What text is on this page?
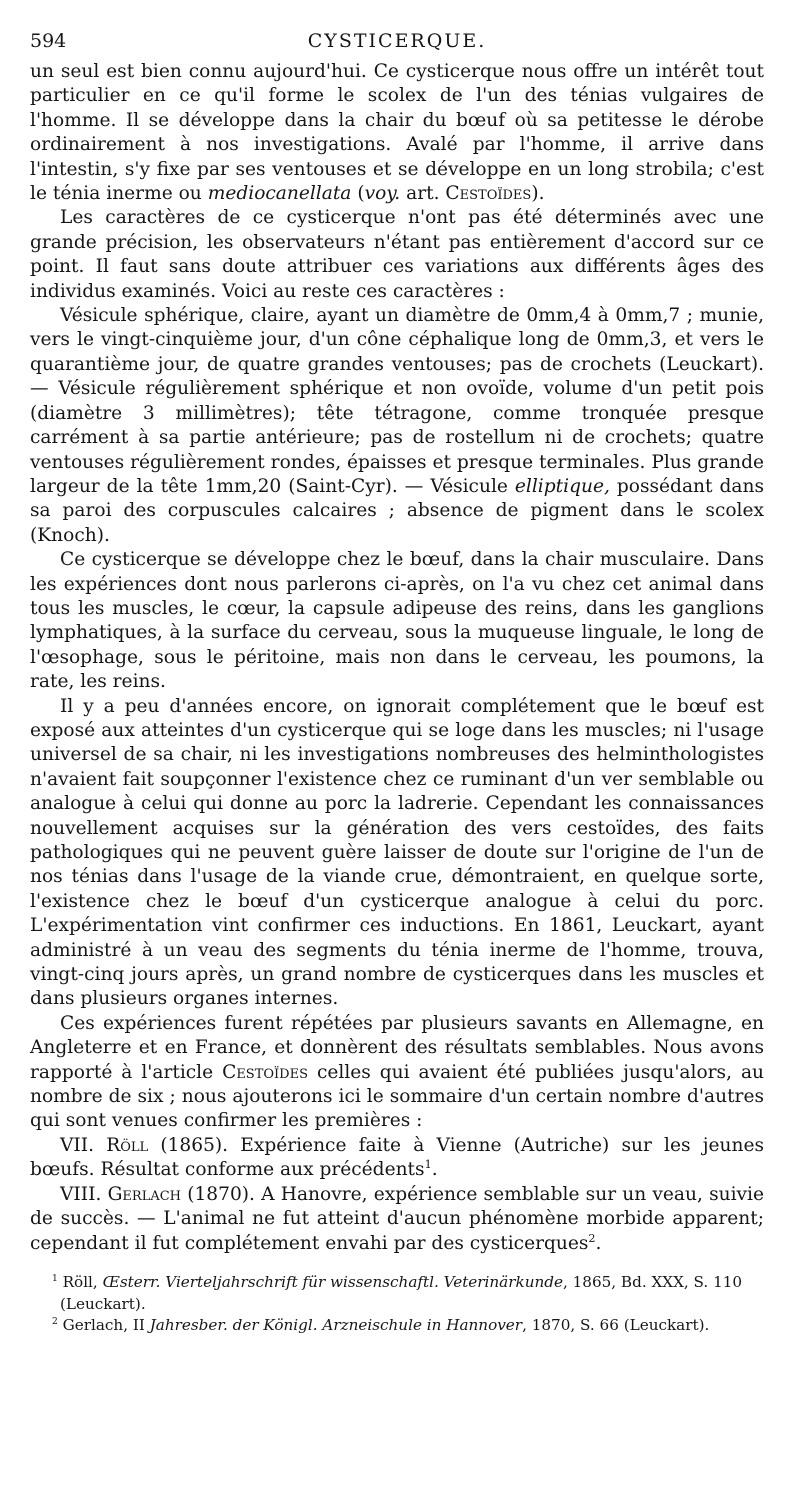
594	CYSTICERQUE.

un seul est bien connu aujourd'hui. Ce cysticerque nous offre un intérêt tout particulier en ce qu'il forme le scolex de l'un des ténias vulgaires de l'homme. Il se développe dans la chair du bœuf où sa petitesse le dérobe ordinairement à nos investigations. Avalé par l'homme, il arrive dans l'intestin, s'y fixe par ses ventouses et se développe en un long strobila; c'est le ténia inerme ou mediocanellata (voy. art. Cestoïdes).

Les caractères de ce cysticerque n'ont pas été déterminés avec une grande précision, les observateurs n'étant pas entièrement d'accord sur ce point. Il faut sans doute attribuer ces variations aux différents âges des individus examinés. Voici au reste ces caractères :

Vésicule sphérique, claire, ayant un diamètre de 0mm,4 à 0mm,7 ; munie, vers le vingt-cinquième jour, d'un cône céphalique long de 0mm,3, et vers le quarantième jour, de quatre grandes ventouses; pas de crochets (Leuckart). — Vésicule régulièrement sphérique et non ovoïde, volume d'un petit pois (diamètre 3 millimètres); tête tétragone, comme tronquée presque carrément à sa partie antérieure; pas de rostellum ni de crochets; quatre ventouses régulièrement rondes, épaisses et presque terminales. Plus grande largeur de la tête 1mm,20 (Saint-Cyr). — Vésicule elliptique, possédant dans sa paroi des corpuscules calcaires ; absence de pigment dans le scolex (Knoch).

Ce cysticerque se développe chez le bœuf, dans la chair musculaire. Dans les expériences dont nous parlerons ci-après, on l'a vu chez cet animal dans tous les muscles, le cœur, la capsule adipeuse des reins, dans les ganglions lymphatiques, à la surface du cerveau, sous la muqueuse linguale, le long de l'œsophage, sous le péritoine, mais non dans le cerveau, les poumons, la rate, les reins.

Il y a peu d'années encore, on ignorait complétement que le bœuf est exposé aux atteintes d'un cysticerque qui se loge dans les muscles; ni l'usage universel de sa chair, ni les investigations nombreuses des helminthologistes n'avaient fait soupçonner l'existence chez ce ruminant d'un ver semblable ou analogue à celui qui donne au porc la ladrerie. Cependant les connaissances nouvellement acquises sur la génération des vers cestoïdes, des faits pathologiques qui ne peuvent guère laisser de doute sur l'origine de l'un de nos ténias dans l'usage de la viande crue, démontraient, en quelque sorte, l'existence chez le bœuf d'un cysticerque analogue à celui du porc. L'expérimentation vint confirmer ces inductions. En 1861, Leuckart, ayant administré à un veau des segments du ténia inerme de l'homme, trouva, vingt-cinq jours après, un grand nombre de cysticerques dans les muscles et dans plusieurs organes internes.

Ces expériences furent répétées par plusieurs savants en Allemagne, en Angleterre et en France, et donnèrent des résultats semblables. Nous avons rapporté à l'article Cestoïdes celles qui avaient été publiées jusqu'alors, au nombre de six ; nous ajouterons ici le sommaire d'un certain nombre d'autres qui sont venues confirmer les premières :

VII. Röll (1865). Expérience faite à Vienne (Autriche) sur les jeunes bœufs. Résultat conforme aux précédents$^1$.

VIII. Gerlach (1870). A Hanovre, expérience semblable sur un veau, suivie de succès. — L'animal ne fut atteint d'aucun phénomène morbide apparent; cependant il fut complétement envahi par des cysticerques$^2$.

$^1$ Röll, Œsterr. Vierteljahrschrift für wissenschaftl. Veterinärkunde, 1865, Bd. XXX, S. 110 (Leuckart).

$^2$ Gerlach, II Jahresber. der Königl. Arzneischule in Hannover, 1870, S. 66 (Leuckart).
